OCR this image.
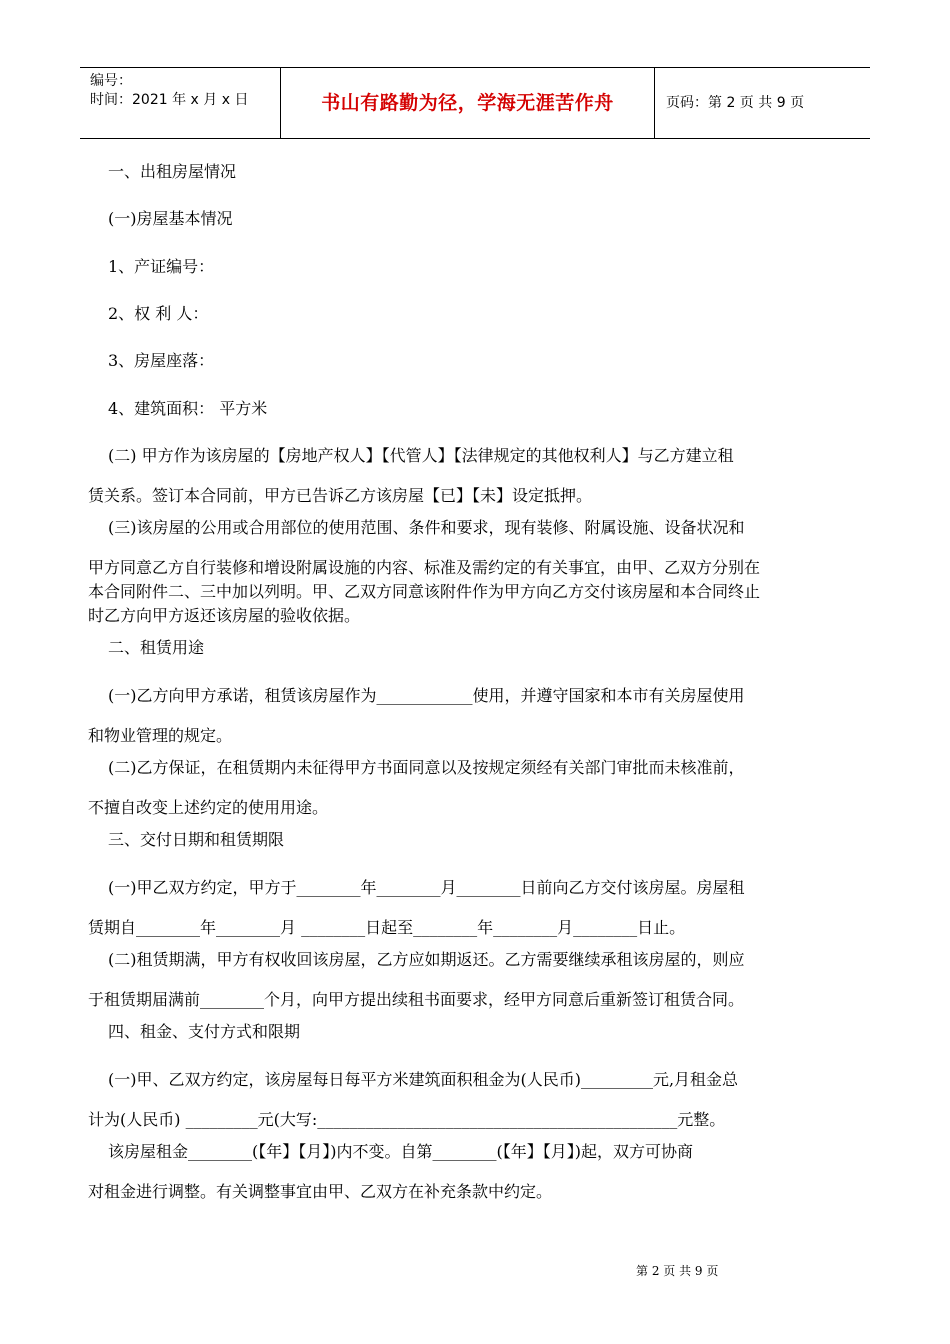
编号：
时间：2021 年 x 月 x 日	书山有路勤为径，学海无涯苦作舟	页码：第 2 页 共 9 页

一、出租房屋情况

(一)房屋基本情况

1、产证编号：

2、权 利 人：

3、房屋座落：

4、建筑面积： 平方米

(二) 甲方作为该房屋的【房地产权人】【代管人】【法律规定的其他权利人】与乙方建立租

赁关系。签订本合同前，甲方已告诉乙方该房屋【已】【未】设定抵押。

(三)该房屋的公用或合用部位的使用范围、条件和要求，现有装修、附属设施、设备状况和

甲方同意乙方自行装修和增设附属设施的内容、标准及需约定的有关事宜，由甲、乙双方分别在

本合同附件二、三中加以列明。甲、乙双方同意该附件作为甲方向乙方交付该房屋和本合同终止

时乙方向甲方返还该房屋的验收依据。

二、租赁用途

(一)乙方向甲方承诺，租赁该房屋作为____________使用，并遵守国家和本市有关房屋使用

和物业管理的规定。

(二)乙方保证，在租赁期内未征得甲方书面同意以及按规定须经有关部门审批而未核准前，

不擅自改变上述约定的使用用途。

三、交付日期和租赁期限

(一)甲乙双方约定，甲方于________年________月________日前向乙方交付该房屋。房屋租

赁期自________年________月 ________日起至________年________月________日止。

(二)租赁期满，甲方有权收回该房屋，乙方应如期返还。乙方需要继续承租该房屋的，则应

于租赁期届满前________个月，向甲方提出续租书面要求，经甲方同意后重新签订租赁合同。

四、租金、支付方式和限期

(一)甲、乙双方约定，该房屋每日每平方米建筑面积租金为(人民币)_________元,月租金总

计为(人民币) _________元(大写:_____________________________________________元整。

该房屋租金________(【年】【月】)内不变。自第________(【年】【月】)起，双方可协商

对租金进行调整。有关调整事宜由甲、乙双方在补充条款中约定。

第 2 页 共 9 页
